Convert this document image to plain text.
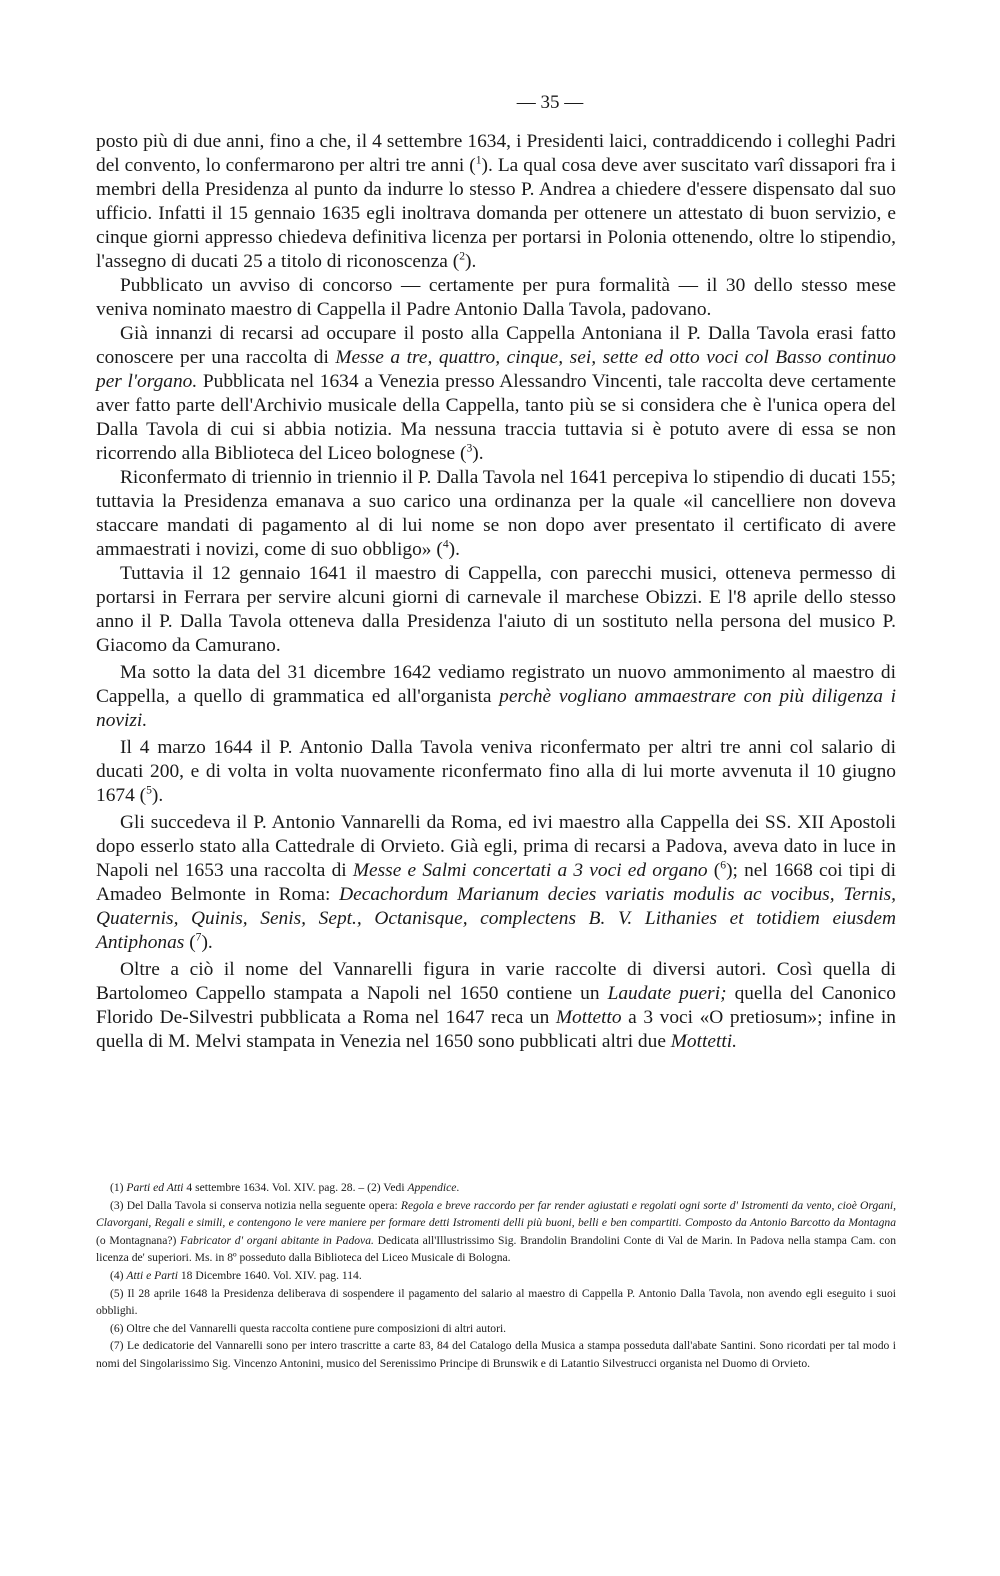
— 35 —

posto più di due anni, fino a che, il 4 settembre 1634, i Presidenti laici, contraddicendo i colleghi Padri del convento, lo confermarono per altri tre anni ($^1$). La qual cosa deve aver suscitato varî dissapori fra i membri della Presidenza al punto da indurre lo stesso P. Andrea a chiedere d'essere dispensato dal suo ufficio. Infatti il 15 gennaio 1635 egli inoltrava domanda per ottenere un attestato di buon servizio, e cinque giorni appresso chiedeva definitiva licenza per portarsi in Polonia ottenendo, oltre lo stipendio, l'assegno di ducati 25 a titolo di riconoscenza ($^2$).

Pubblicato un avviso di concorso — certamente per pura formalità — il 30 dello stesso mese veniva nominato maestro di Cappella il Padre Antonio Dalla Tavola, padovano.

Già innanzi di recarsi ad occupare il posto alla Cappella Antoniana il P. Dalla Tavola erasi fatto conoscere per una raccolta di Messe a tre, quattro, cinque, sei, sette ed otto voci col Basso continuo per l'organo. Pubblicata nel 1634 a Venezia presso Alessandro Vincenti, tale raccolta deve certamente aver fatto parte dell'Archivio musicale della Cappella, tanto più se si considera che è l'unica opera del Dalla Tavola di cui si abbia notizia. Ma nessuna traccia tuttavia si è potuto avere di essa se non ricorrendo alla Biblioteca del Liceo bolognese ($^3$).

Riconfermato di triennio in triennio il P. Dalla Tavola nel 1641 percepiva lo stipendio di ducati 155; tuttavia la Presidenza emanava a suo carico una ordinanza per la quale «il cancelliere non doveva staccare mandati di pagamento al di lui nome se non dopo aver presentato il certificato di avere ammaestrati i novizi, come di suo obbligo» ($^4$).

Tuttavia il 12 gennaio 1641 il maestro di Cappella, con parecchi musici, otteneva permesso di portarsi in Ferrara per servire alcuni giorni di carnevale il marchese Obizzi. E l'8 aprile dello stesso anno il P. Dalla Tavola otteneva dalla Presidenza l'aiuto di un sostituto nella persona del musico P. Giacomo da Camurano.

Ma sotto la data del 31 dicembre 1642 vediamo registrato un nuovo ammonimento al maestro di Cappella, a quello di grammatica ed all'organista perchè vogliano ammaestrare con più diligenza i novizi.

Il 4 marzo 1644 il P. Antonio Dalla Tavola veniva riconfermato per altri tre anni col salario di ducati 200, e di volta in volta nuovamente riconfermato fino alla di lui morte avvenuta il 10 giugno 1674 ($^5$).

Gli succedeva il P. Antonio Vannarelli da Roma, ed ivi maestro alla Cappella dei SS. XII Apostoli dopo esserlo stato alla Cattedrale di Orvieto. Già egli, prima di recarsi a Padova, aveva dato in luce in Napoli nel 1653 una raccolta di Messe e Salmi concertati a 3 voci ed organo ($^6$); nel 1668 coi tipi di Amadeo Belmonte in Roma: Decachordum Marianum decies variatis modulis ac vocibus, Ternis, Quaternis, Quinis, Senis, Sept., Octanisque, complectens B. V. Lithanies et totidiem eiusdem Antiphonas ($^7$).

Oltre a ciò il nome del Vannarelli figura in varie raccolte di diversi autori. Così quella di Bartolomeo Cappello stampata a Napoli nel 1650 contiene un Laudate pueri; quella del Canonico Florido De-Silvestri pubblicata a Roma nel 1647 reca un Mottetto a 3 voci «O pretiosum»; infine in quella di M. Melvi stampata in Venezia nel 1650 sono pubblicati altri due Mottetti.

(1) Parti ed Atti 4 settembre 1634. Vol. XIV. pag. 28. – (2) Vedi Appendice.

(3) Del Dalla Tavola si conserva notizia nella seguente opera: Regola e breve raccordo per far render agiustati e regolati ogni sorte d' Istromenti da vento, cioè Organi, Clavorgani, Regali e simili, e contengono le vere maniere per formare detti Istromenti delli più buoni, belli e ben compartiti. Composto da Antonio Barcotto da Montagna (o Montagnana?) Fabricator d' organi abitante in Padova. Dedicata all'Illustrissimo Sig. Brandolin Brandolini Conte di Val de Marin. In Padova nella stampa Cam. con licenza de' superiori. Ms. in 8º posseduto dalla Biblioteca del Liceo Musicale di Bologna.

(4) Atti e Parti 18 Dicembre 1640. Vol. XIV. pag. 114.

(5) Il 28 aprile 1648 la Presidenza deliberava di sospendere il pagamento del salario al maestro di Cappella P. Antonio Dalla Tavola, non avendo egli eseguito i suoi obblighi.

(6) Oltre che del Vannarelli questa raccolta contiene pure composizioni di altri autori.

(7) Le dedicatorie del Vannarelli sono per intero trascritte a carte 83, 84 del Catalogo della Musica a stampa posseduta dall'abate Santini. Sono ricordati per tal modo i nomi del Singolarissimo Sig. Vincenzo Antonini, musico del Serenissimo Principe di Brunswik e di Latantio Silvestrucci organista nel Duomo di Orvieto.
